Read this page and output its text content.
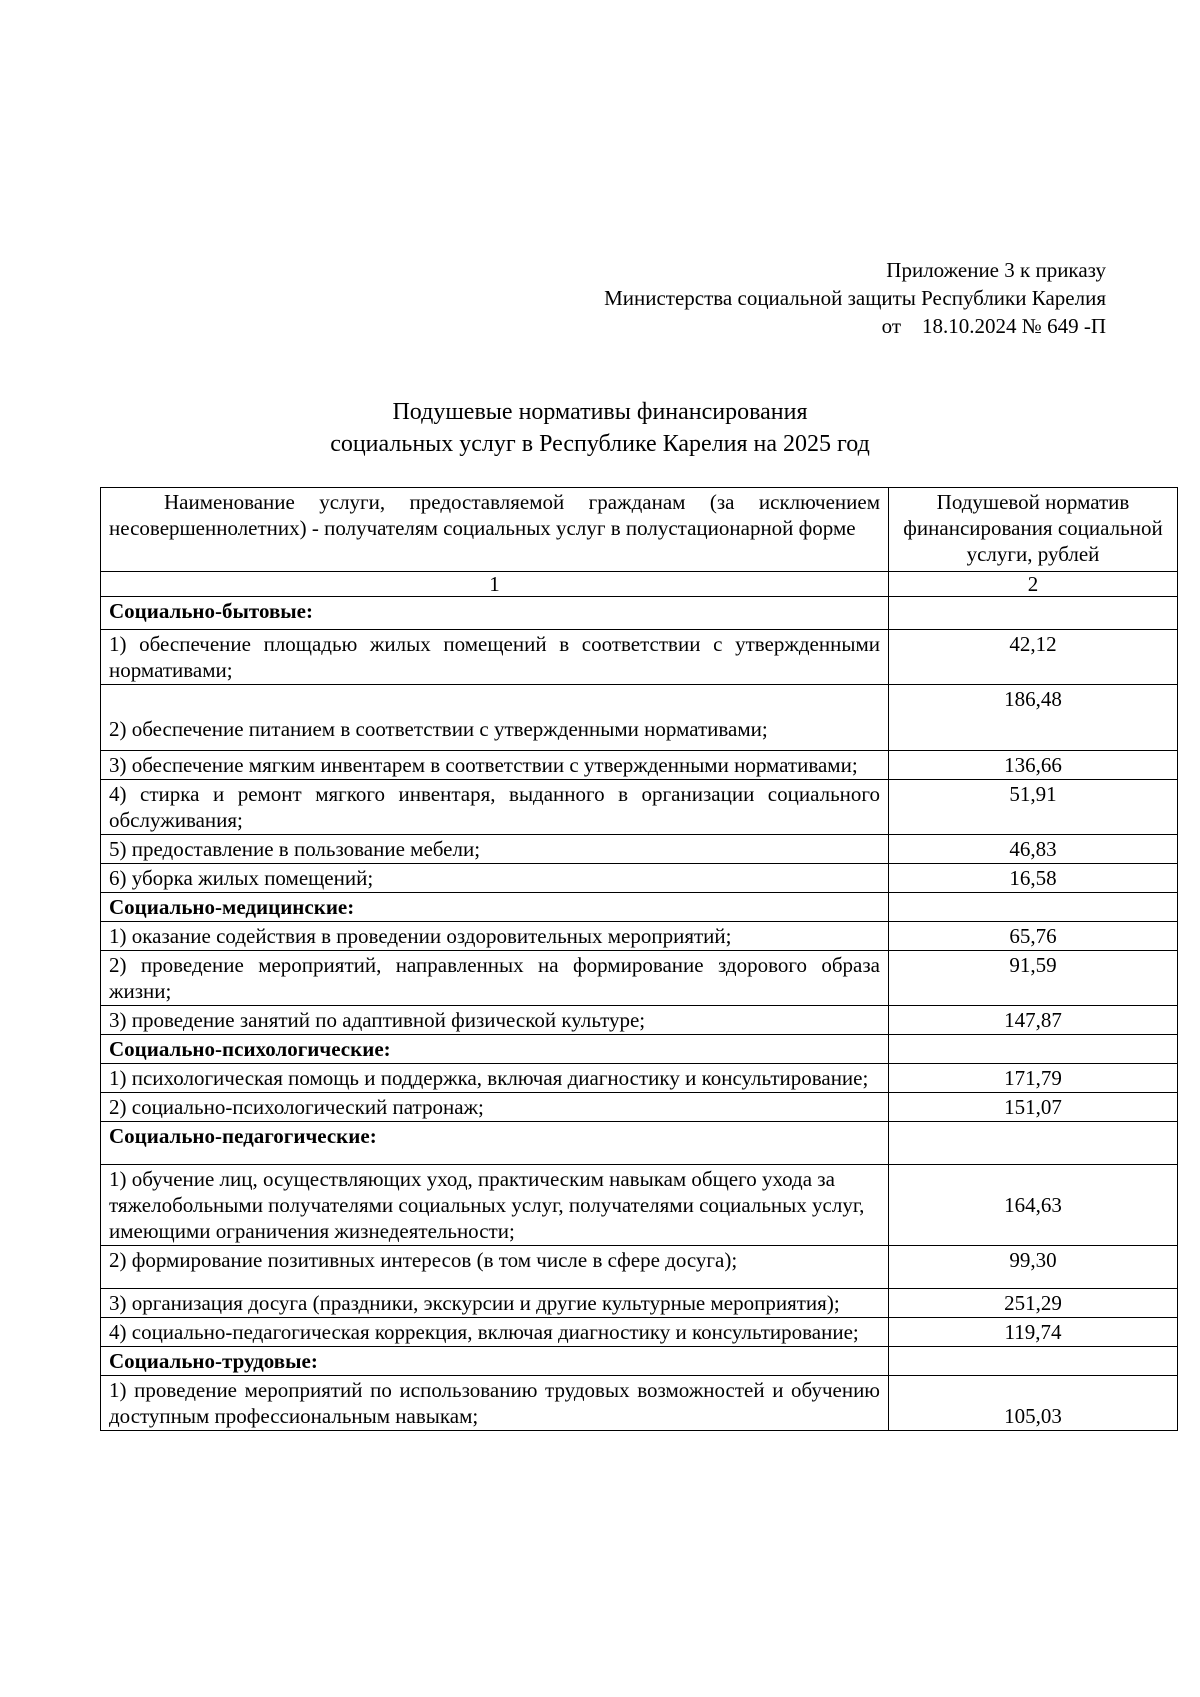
Приложение 3 к приказу
Министерства социальной защиты Республики Карелия
от 18.10.2024 № 649 -П
Подушевые нормативы финансирования
социальных услуг в Республике Карелия на 2025 год
Наименование услуги, предоставляемой гражданам (за исключением несовершеннолетних) - получателям социальных услуг в полустационарной форме	Подушевой норматив финансирования социальной услуги, рублей
1	2
Социально-бытовые:	
1) обеспечение площадью жилых помещений в соответствии с утвержденными нормативами;	42,12
2) обеспечение питанием в соответствии с утвержденными нормативами;	186,48
3) обеспечение мягким инвентарем в соответствии с утвержденными нормативами;	136,66
4) стирка и ремонт мягкого инвентаря, выданного в организации социального обслуживания;	51,91
5) предоставление в пользование мебели;	46,83
6) уборка жилых помещений;	16,58
Социально-медицинские:	
1) оказание содействия в проведении оздоровительных мероприятий;	65,76
2) проведение мероприятий, направленных на формирование здорового образа жизни;	91,59
3) проведение занятий по адаптивной физической культуре;	147,87
Социально-психологические:	
1) психологическая помощь и поддержка, включая диагностику и консультирование;	171,79
2) социально-психологический патронаж;	151,07
Социально-педагогические:	
1) обучение лиц, осуществляющих уход, практическим навыкам общего ухода за тяжелобольными получателями социальных услуг, получателями социальных услуг, имеющими ограничения жизнедеятельности;	164,63
2) формирование позитивных интересов (в том числе в сфере досуга);	99,30
3) организация досуга (праздники, экскурсии и другие культурные мероприятия);	251,29
4) социально-педагогическая коррекция, включая диагностику и консультирование;	119,74
Социально-трудовые:	
1) проведение мероприятий по использованию трудовых возможностей и обучению доступным профессиональным навыкам;	105,03
